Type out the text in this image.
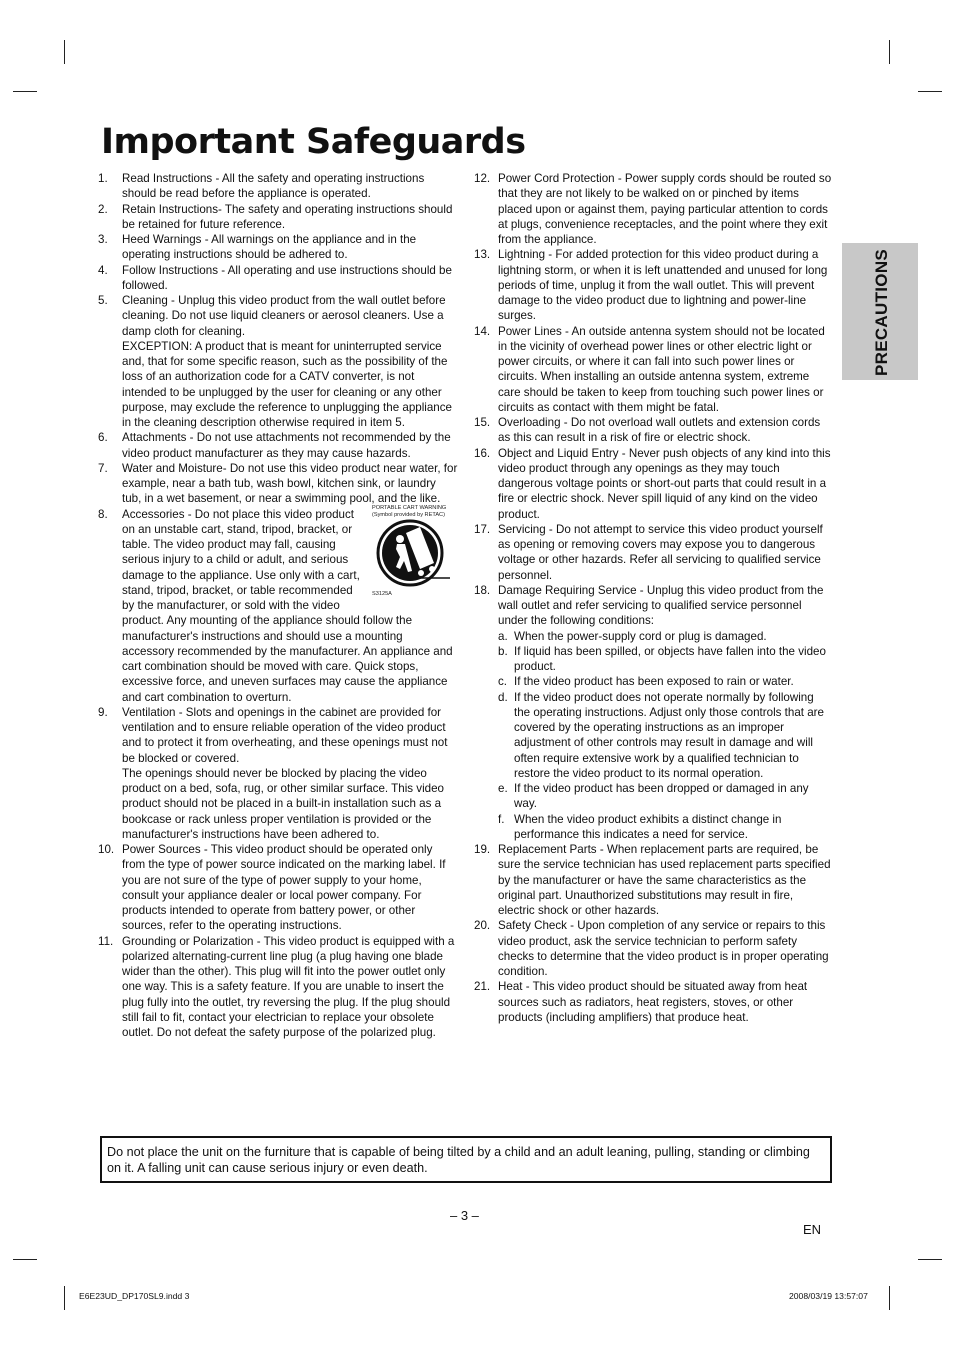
Important Safeguards
PRECAUTIONS
1. Read Instructions - All the safety and operating instructions should be read before the appliance is operated.
2. Retain Instructions- The safety and operating instructions should be retained for future reference.
3. Heed Warnings - All warnings on the appliance and in the operating instructions should be adhered to.
4. Follow Instructions - All operating and use instructions should be followed.
5. Cleaning - Unplug this video product from the wall outlet before cleaning. Do not use liquid cleaners or aerosol cleaners. Use a damp cloth for cleaning.
EXCEPTION: A product that is meant for uninterrupted service and, that for some specific reason, such as the possibility of the loss of an authorization code for a CATV converter, is not intended to be unplugged by the user for cleaning or any other purpose, may exclude the reference to unplugging the appliance in the cleaning description otherwise required in item 5.
6. Attachments - Do not use attachments not recommended by the video product manufacturer as they may cause hazards.
7. Water and Moisture- Do not use this video product near water, for example, near a bath tub, wash bowl, kitchen sink, or laundry tub, in a wet basement, or near a swimming pool, and the like.
8.	PORTABLE CART WARNING
(Symbol provided by RETAC)
S3125A
Accessories - Do not place this video product on an unstable cart, stand, tripod, bracket, or table. The video product may fall, causing serious injury to a child or adult, and serious damage to the appliance. Use only with a cart, stand, tripod, bracket, or table recommended by the manufacturer, or sold with the video product. Any mounting of the appliance should follow the manufacturer's instructions and should use a mounting accessory recommended by the manufacturer. An appliance and cart combination should be moved with care. Quick stops, excessive force, and uneven surfaces may cause the appliance and cart combination to overturn.
9. Ventilation - Slots and openings in the cabinet are provided for ventilation and to ensure reliable operation of the video product and to protect it from overheating, and these openings must not be blocked or covered.
The openings should never be blocked by placing the video product on a bed, sofa, rug, or other similar surface. This video product should not be placed in a built-in installation such as a bookcase or rack unless proper ventilation is provided or the manufacturer's instructions have been adhered to.
10. Power Sources - This video product should be operated only from the type of power source indicated on the marking label. If you are not sure of the type of power supply to your home, consult your appliance dealer or local power company. For products intended to operate from battery power, or other sources, refer to the operating instructions.
11. Grounding or Polarization - This video product is equipped with a polarized alternating-current line plug (a plug having one blade wider than the other). This plug will fit into the power outlet only one way. This is a safety feature. If you are unable to insert the plug fully into the outlet, try reversing the plug. If the plug should still fail to fit, contact your electrician to replace your obsolete outlet. Do not defeat the safety purpose of the polarized plug.
12. Power Cord Protection - Power supply cords should be routed so that they are not likely to be walked on or pinched by items placed upon or against them, paying particular attention to cords at plugs, convenience receptacles, and the point where they exit from the appliance.
13. Lightning - For added protection for this video product during a lightning storm, or when it is left unattended and unused for long periods of time, unplug it from the wall outlet. This will prevent damage to the video product due to lightning and power-line surges.
14. Power Lines - An outside antenna system should not be located in the vicinity of overhead power lines or other electric light or power circuits, or where it can fall into such power lines or circuits. When installing an outside antenna system, extreme care should be taken to keep from touching such power lines or circuits as contact with them might be fatal.
15. Overloading - Do not overload wall outlets and extension cords as this can result in a risk of fire or electric shock.
16. Object and Liquid Entry - Never push objects of any kind into this video product through any openings as they may touch dangerous voltage points or short-out parts that could result in a fire or electric shock. Never spill liquid of any kind on the video product.
17. Servicing - Do not attempt to service this video product yourself as opening or removing covers may expose you to dangerous voltage or other hazards. Refer all servicing to qualified service personnel.
18. Damage Requiring Service - Unplug this video product from the wall outlet and refer servicing to qualified service personnel under the following conditions:
a. When the power-supply cord or plug is damaged.
b. If liquid has been spilled, or objects have fallen into the video product.
c. If the video product has been exposed to rain or water.
d. If the video product does not operate normally by following the operating instructions. Adjust only those controls that are covered by the operating instructions as an improper adjustment of other controls may result in damage and will often require extensive work by a qualified technician to restore the video product to its normal operation.
e. If the video product has been dropped or damaged in any way.
f. When the video product exhibits a distinct change in performance this indicates a need for service.
19. Replacement Parts - When replacement parts are required, be sure the service technician has used replacement parts specified by the manufacturer or have the same characteristics as the original part. Unauthorized substitutions may result in fire, electric shock or other hazards.
20. Safety Check - Upon completion of any service or repairs to this video product, ask the service technician to perform safety checks to determine that the video product is in proper operating condition.
21. Heat - This video product should be situated away from heat sources such as radiators, heat registers, stoves, or other products (including amplifiers) that produce heat.
Do not place the unit on the furniture that is capable of being tilted by a child and an adult leaning, pulling, standing or climbing on it. A falling unit can cause serious injury or even death.
– 3 –
EN
E6E23UD_DP170SL9.indd 3	2008/03/19 13:57:07
